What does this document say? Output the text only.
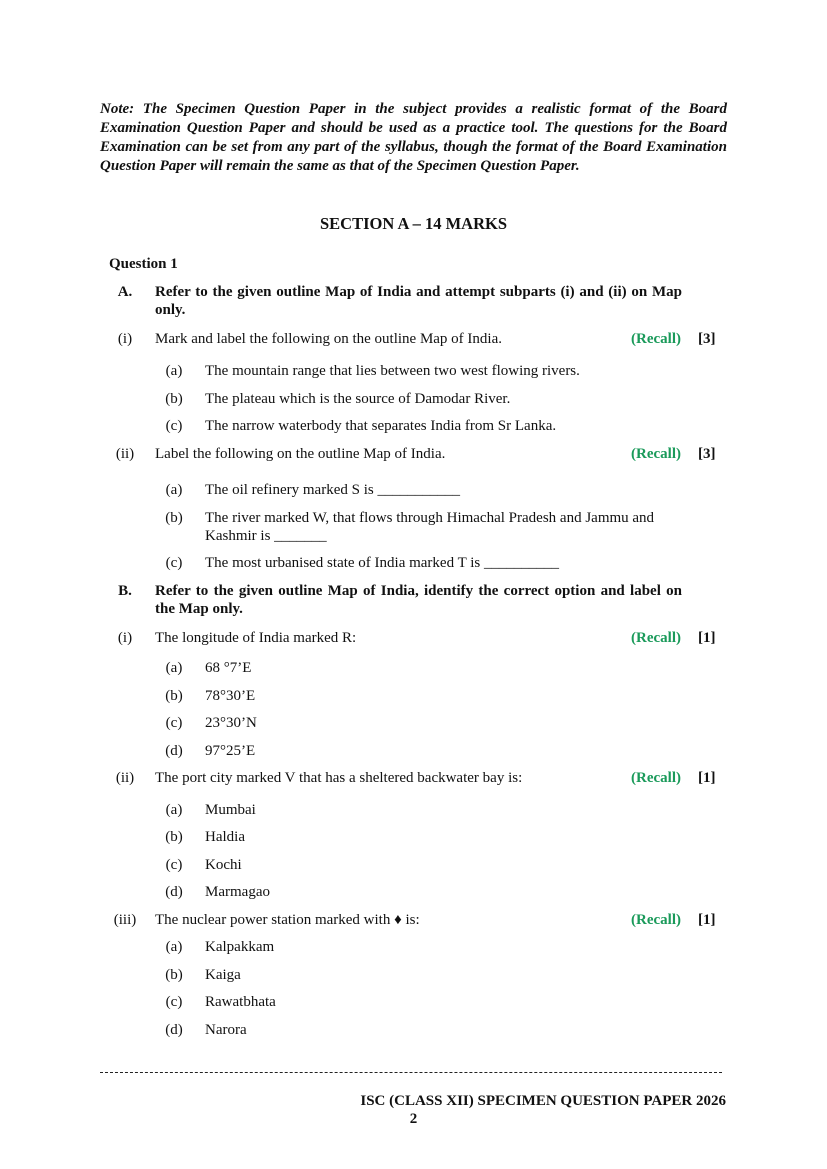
Note: The Specimen Question Paper in the subject provides a realistic format of the Board Examination Question Paper and should be used as a practice tool. The questions for the Board Examination can be set from any part of the syllabus, though the format of the Board Examination Question Paper will remain the same as that of the Specimen Question Paper.
SECTION A – 14 MARKS
Question 1
A.	Refer to the given outline Map of India and attempt subparts (i) and (ii) on Map only.
(i)	Mark and label the following on the outline Map of India.	(Recall) [3]
(a)	The mountain range that lies between two west flowing rivers.
(b)	The plateau which is the source of Damodar River.
(c)	The narrow waterbody that separates India from Sr Lanka.
(ii)	Label the following on the outline Map of India.	(Recall) [3]
(a)	The oil refinery marked S is ___________
(b)	The river marked W, that flows through Himachal Pradesh and Jammu and Kashmir is _______
(c)	The most urbanised state of India marked T is __________
B.	Refer to the given outline Map of India, identify the correct option and label on the Map only.
(i)	The longitude of India marked R:	(Recall) [1]
(a)	68 °7’E
(b)	78°30’E
(c)	23°30’N
(d)	97°25’E
(ii)	The port city marked V that has a sheltered backwater bay is:	(Recall) [1]
(a)	Mumbai
(b)	Haldia
(c)	Kochi
(d)	Marmagao
(iii)	The nuclear power station marked with ♦ is:	(Recall) [1]
(a)	Kalpakkam
(b)	Kaiga
(c)	Rawatbhata
(d)	Narora
ISC (CLASS XII) SPECIMEN QUESTION PAPER 2026
2
